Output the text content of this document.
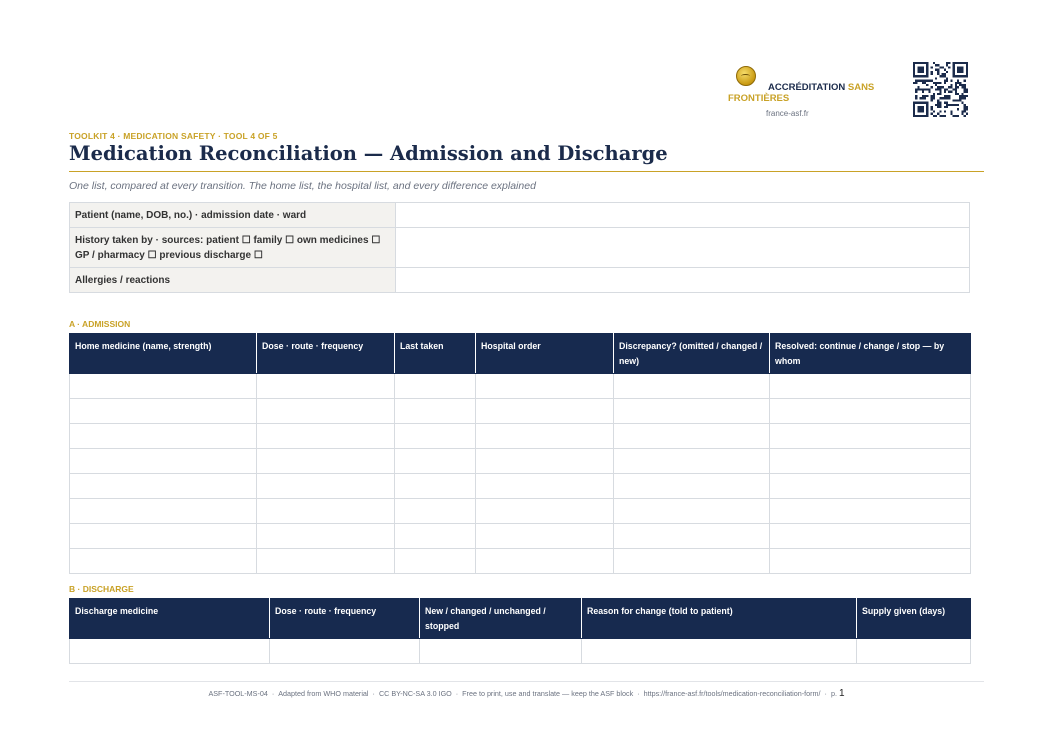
ACCRÉDITATION SANS FRONTIÈRES
france-asf.fr
TOOLKIT 4 · MEDICATION SAFETY · TOOL 4 OF 5
Medication Reconciliation — Admission and Discharge
One list, compared at every transition. The home list, the hospital list, and every difference explained
Patient (name, DOB, no.) · admission date · ward	
History taken by · sources: patient ☐ family ☐ own medicines ☐ GP / pharmacy ☐ previous discharge ☐	
Allergies / reactions	
A · ADMISSION
Home medicine (name, strength)	Dose · route · frequency	Last taken	Hospital order	Discrepancy? (omitted / changed / new)	Resolved: continue / change / stop — by whom

B · DISCHARGE
Discharge medicine	Dose · route · frequency	New / changed / unchanged / stopped	Reason for change (told to patient)	Supply given (days)

ASF-TOOL-MS-04 · Adapted from WHO material · CC BY-NC-SA 3.0 IGO · Free to print, use and translate — keep the ASF block · https://france-asf.fr/tools/medication-reconciliation-form/ · p. 1
